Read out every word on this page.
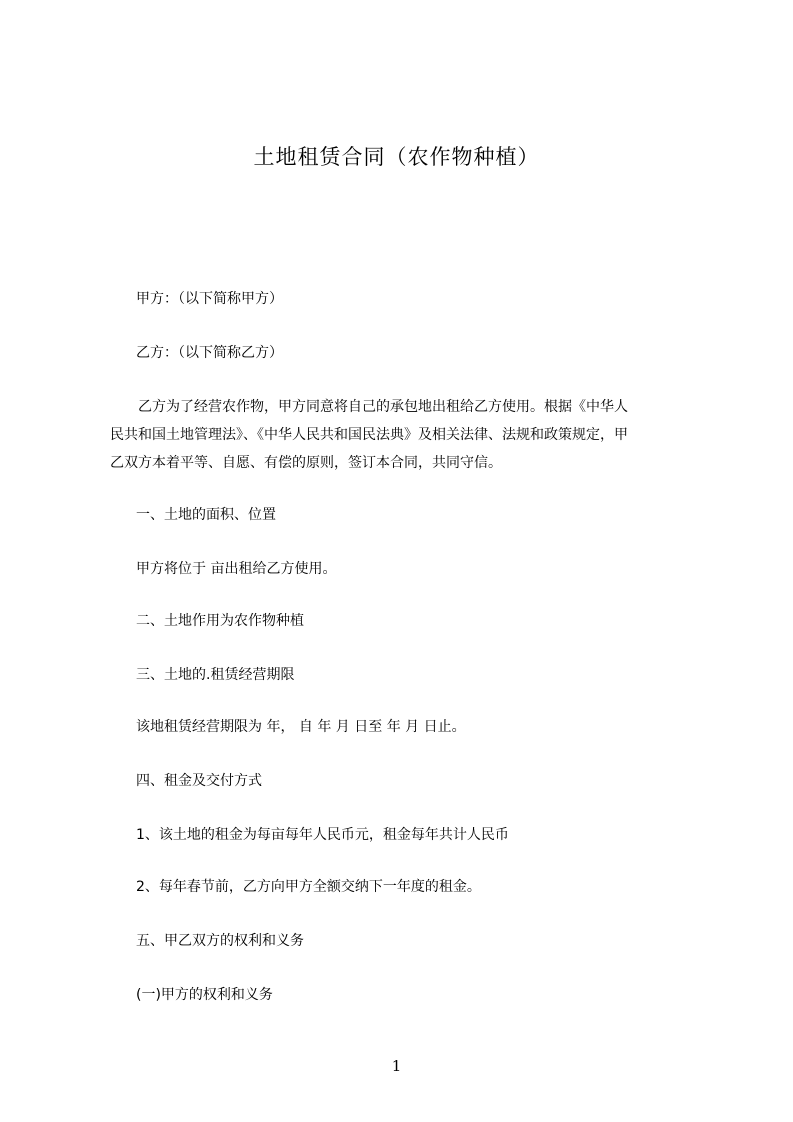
土地租赁合同（农作物种植）
甲方：（以下简称甲方）
乙方：（以下简称乙方）
乙方为了经营农作物，甲方同意将自己的承包地出租给乙方使用。根据《中华人
民共和国土地管理法》、《中华人民共和国民法典》及相关法律、法规和政策规定，甲
乙双方本着平等、自愿、有偿的原则，签订本合同，共同守信。
一、土地的面积、位置
甲方将位于 亩出租给乙方使用。
二、土地作用为农作物种植
三、土地的.租赁经营期限
该地租赁经营期限为 年， 自 年 月 日至 年 月 日止。
四、租金及交付方式
1、该土地的租金为每亩每年人民币元，租金每年共计人民币
2、每年春节前，乙方向甲方全额交纳下一年度的租金。
五、甲乙双方的权利和义务
(一)甲方的权利和义务
1
